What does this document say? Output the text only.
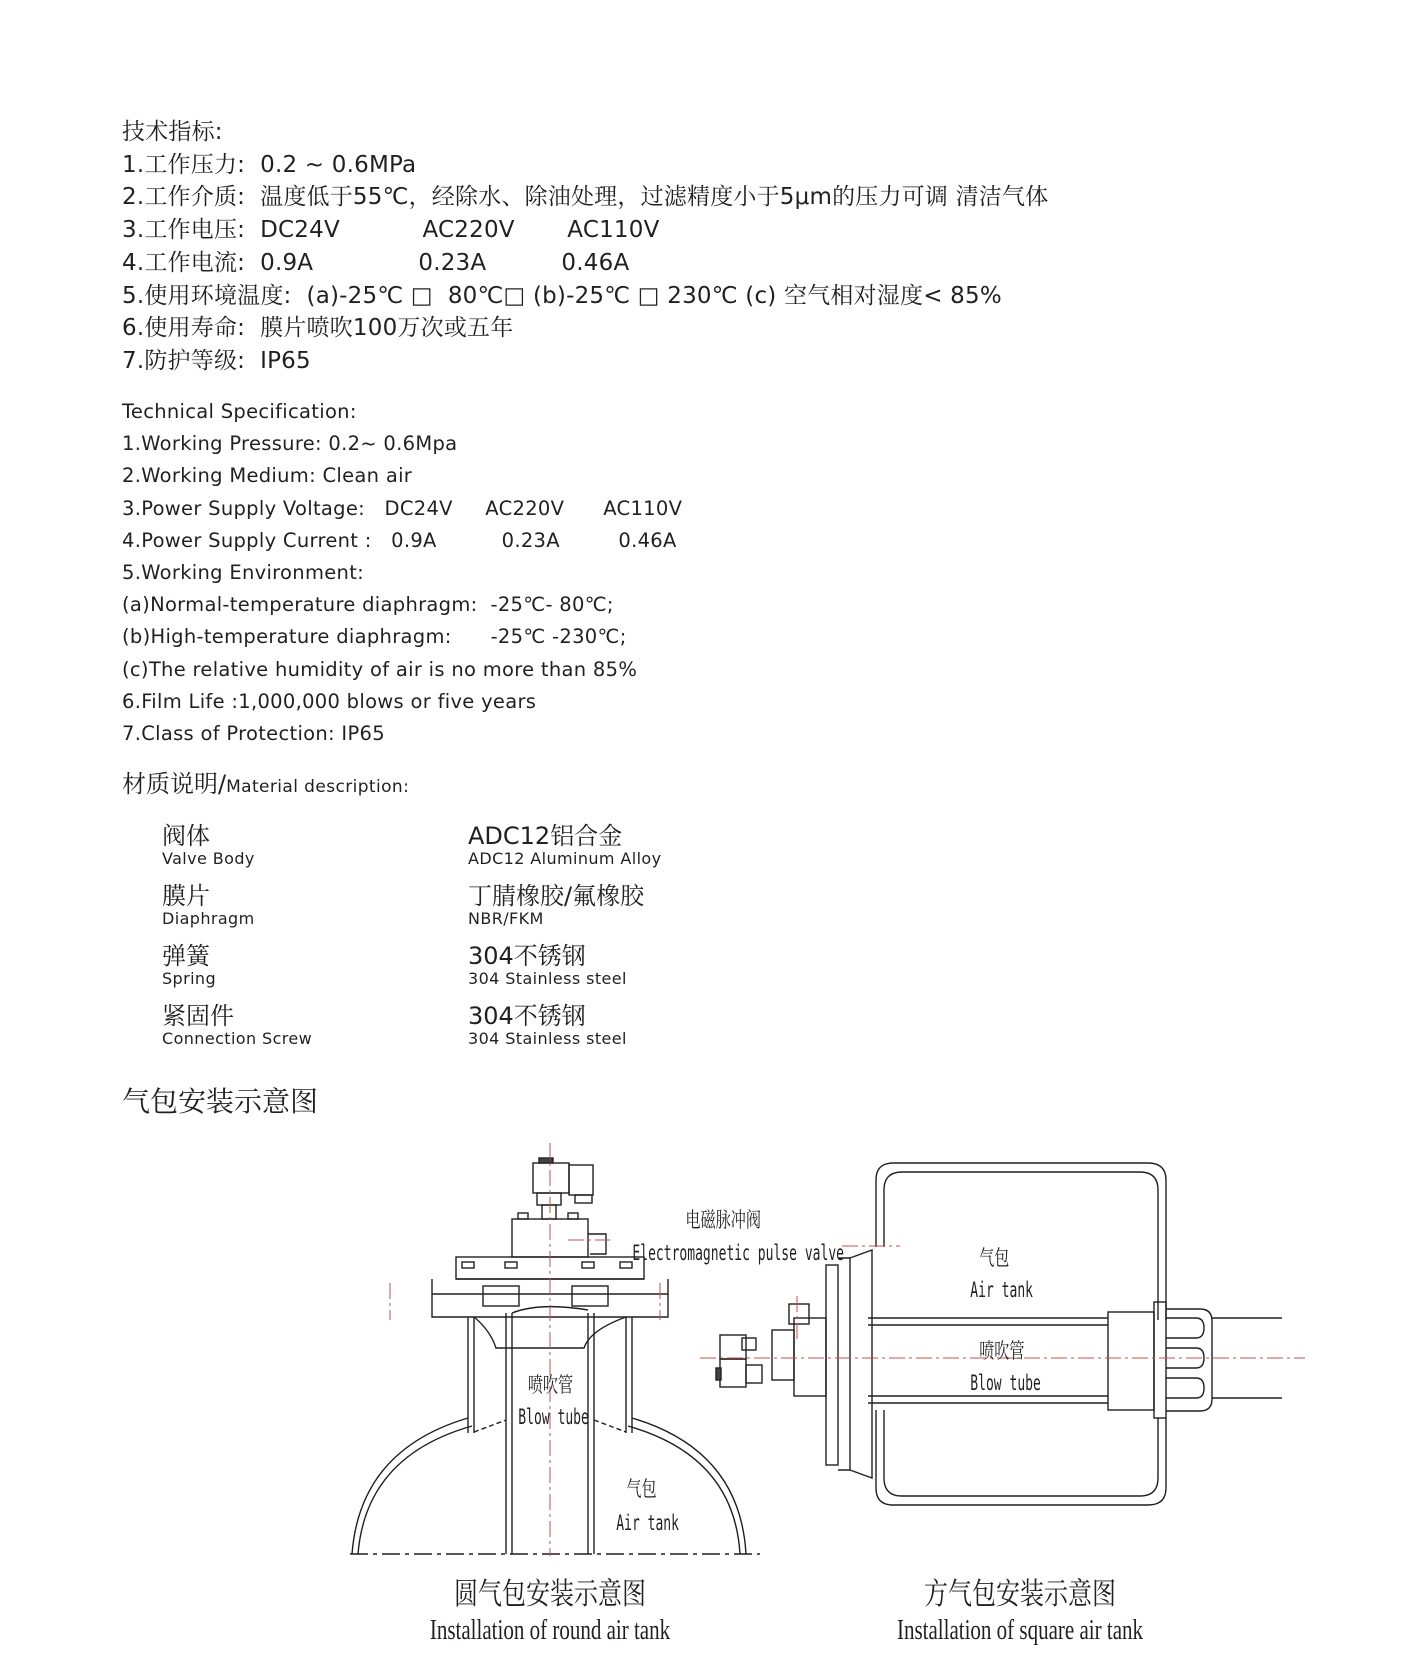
技术指标:
1.工作压力:  0.2 ~ 0.6MPa
2.工作介质:  温度低于55℃，经除水、除油处理，过滤精度小于5μm的压力可调 清洁气体
3.工作电压:  DC24V           AC220V       AC110V
4.工作电流:  0.9A              0.23A          0.46A
5.使用环境温度:  (a)-25℃ □  80℃□ (b)-25℃ □ 230℃ (c) 空气相对湿度< 85%
6.使用寿命:  膜片喷吹100万次或五年
7.防护等级:  IP65
Technical Specification:
1.Working Pressure: 0.2~ 0.6Mpa
2.Working Medium: Clean air
3.Power Supply Voltage:   DC24V     AC220V      AC110V
4.Power Supply Current :   0.9A          0.23A         0.46A
5.Working Environment:
(a)Normal-temperature diaphragm:  -25℃- 80℃;
(b)High-temperature diaphragm:      -25℃ -230℃;
(c)The relative humidity of air is no more than 85%
6.Film Life :1,000,000 blows or five years
7.Class of Protection: IP65
材质说明/Material description:
阀体
Valve Body
ADC12铝合金
ADC12 Aluminum Alloy
膜片
Diaphragm
丁腈橡胶/氟橡胶
NBR/FKM
弹簧
Spring
304不锈钢
304 Stainless steel
紧固件
Connection Screw
304不锈钢
304 Stainless steel
气包安装示意图
电磁脉冲阀
Electromagnetic pulse valve	气包
Air tank
喷吹管
Blow tube
喷吹管
Blow tube
气包
Air tank
圆气包安装示意图
Installation of round air tank
方气包安装示意图
Installation of square air tank
